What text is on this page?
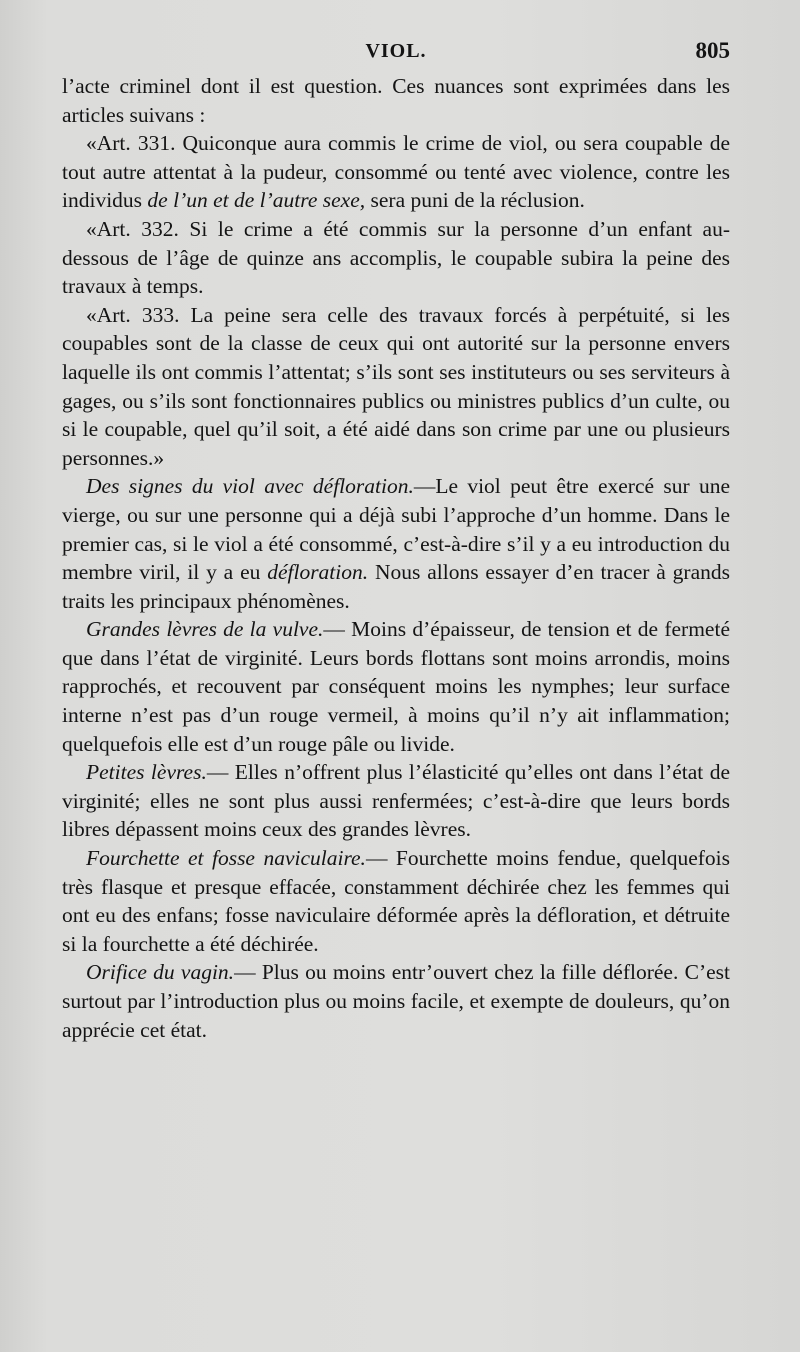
VIOL.	805

l’acte criminel dont il est question. Ces nuances sont exprimées dans les articles suivans :

«Art. 331. Quiconque aura commis le crime de viol, ou sera coupable de tout autre attentat à la pudeur, consommé ou tenté avec violence, contre les individus de l’un et de l’autre sexe, sera puni de la réclusion.

«Art. 332. Si le crime a été commis sur la personne d’un enfant au-dessous de l’âge de quinze ans accomplis, le coupable subira la peine des travaux à temps.

«Art. 333. La peine sera celle des travaux forcés à perpétuité, si les coupables sont de la classe de ceux qui ont autorité sur la personne envers laquelle ils ont commis l’attentat; s’ils sont ses instituteurs ou ses serviteurs à gages, ou s’ils sont fonctionnaires publics ou ministres publics d’un culte, ou si le coupable, quel qu’il soit, a été aidé dans son crime par une ou plusieurs personnes.»

Des signes du viol avec défloration.—Le viol peut être exercé sur une vierge, ou sur une personne qui a déjà subi l’approche d’un homme. Dans le premier cas, si le viol a été consommé, c’est-à-dire s’il y a eu introduction du membre viril, il y a eu défloration. Nous allons essayer d’en tracer à grands traits les principaux phénomènes.

Grandes lèvres de la vulve.— Moins d’épaisseur, de tension et de fermeté que dans l’état de virginité. Leurs bords flottans sont moins arrondis, moins rapprochés, et recouvent par conséquent moins les nymphes; leur surface interne n’est pas d’un rouge vermeil, à moins qu’il n’y ait inflammation; quelquefois elle est d’un rouge pâle ou livide.

Petites lèvres.— Elles n’offrent plus l’élasticité qu’elles ont dans l’état de virginité; elles ne sont plus aussi renfermées; c’est-à-dire que leurs bords libres dépassent moins ceux des grandes lèvres.

Fourchette et fosse naviculaire.— Fourchette moins fendue, quelquefois très flasque et presque effacée, constamment déchirée chez les femmes qui ont eu des enfans; fosse naviculaire déformée après la défloration, et détruite si la fourchette a été déchirée.

Orifice du vagin.— Plus ou moins entr’ouvert chez la fille déflorée. C’est surtout par l’introduction plus ou moins facile, et exempte de douleurs, qu’on apprécie cet état.
